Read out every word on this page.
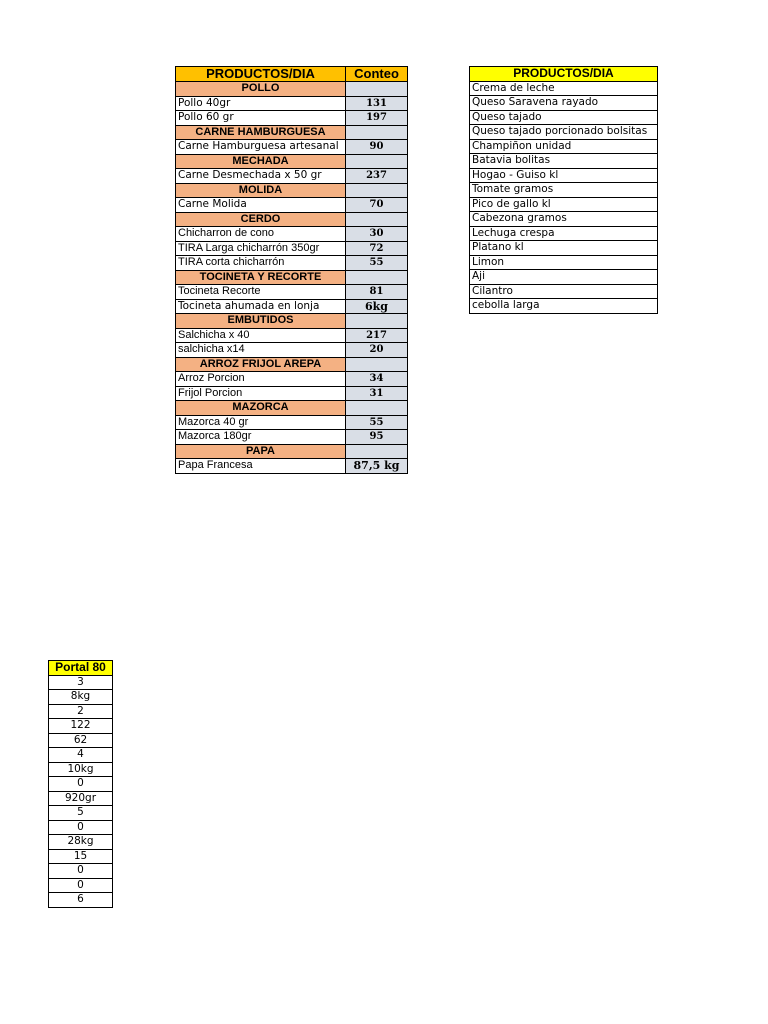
PRODUCTOS/DIA	Conteo
POLLO	
Pollo 40gr	131
Pollo 60 gr	197
CARNE HAMBURGUESA	
Carne Hamburguesa artesanal	90
MECHADA	
Carne Desmechada x 50 gr	237
MOLIDA	
Carne Molida	70
CERDO	
Chicharron de cono	30
TIRA Larga chicharrón 350gr	72
TIRA corta chicharrón	55
TOCINETA Y RECORTE	
Tocineta Recorte	81
Tocineta ahumada en lonja	6kg
EMBUTIDOS	
Salchicha x 40	217
salchicha x14	20
ARROZ FRIJOL AREPA	
Arroz Porcion	34
Frijol Porcion	31
MAZORCA	
Mazorca 40 gr	55
Mazorca 180gr	95
PAPA	
Papa Francesa	87,5 kg
PRODUCTOS/DIA
Crema de leche
Queso Saravena rayado
Queso tajado
Queso tajado porcionado bolsitas
Champiñon unidad
Batavia bolitas
Hogao - Guiso kl
Tomate gramos
Pico de gallo kl
Cabezona gramos
Lechuga crespa
Platano kl
Limon
Aji
Cilantro
cebolla larga
Portal 80
3
8kg
2
122
62
4
10kg
0
920gr
5
0
28kg
15
0
0
6
